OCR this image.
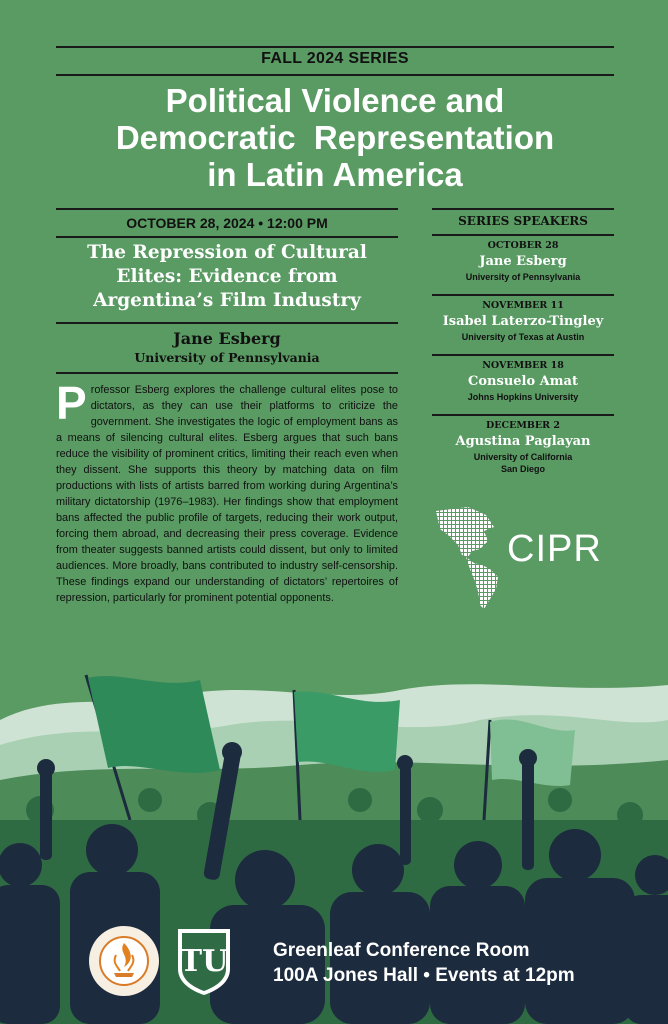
FALL 2024 SERIES
Political Violence and
Democratic  Representation
in Latin America
OCTOBER 28, 2024 • 12:00 PM
The Repression of Cultural
Elites: Evidence from
Argentina’s Film Industry
Jane Esberg
University of Pennsylvania
Professor Esberg explores the challenge cultural elites pose to dictators, as they can use their platforms to criticize the government. She investigates the logic of employment bans as a means of silencing cultural elites. Esberg argues that such bans reduce the visibility of prominent critics, limiting their reach even when they dissent. She supports this theory by matching data on film productions with lists of artists barred from working during Argentina’s military dictatorship (1976–1983). Her findings show that employment bans affected the public profile of targets, reducing their work output, forcing them abroad, and decreasing their press coverage. Evidence from theater suggests banned artists could dissent, but only to limited audiences. More broadly, bans contributed to industry self-censorship. These findings expand our understanding of dictators’ repertoires of repression, particularly for prominent potential opponents.
SERIES SPEAKERS
OCTOBER 28
Jane Esberg
University of Pennsylvania
NOVEMBER 11
Isabel Laterzo-Tingley
University of Texas at Austin
NOVEMBER 18
Consuelo Amat
Johns Hopkins University
DECEMBER 2
Agustina Paglayan
University of California
San Diego
CIPR
TU Greenleaf Conference Room
100A Jones Hall • Events at 12pm
